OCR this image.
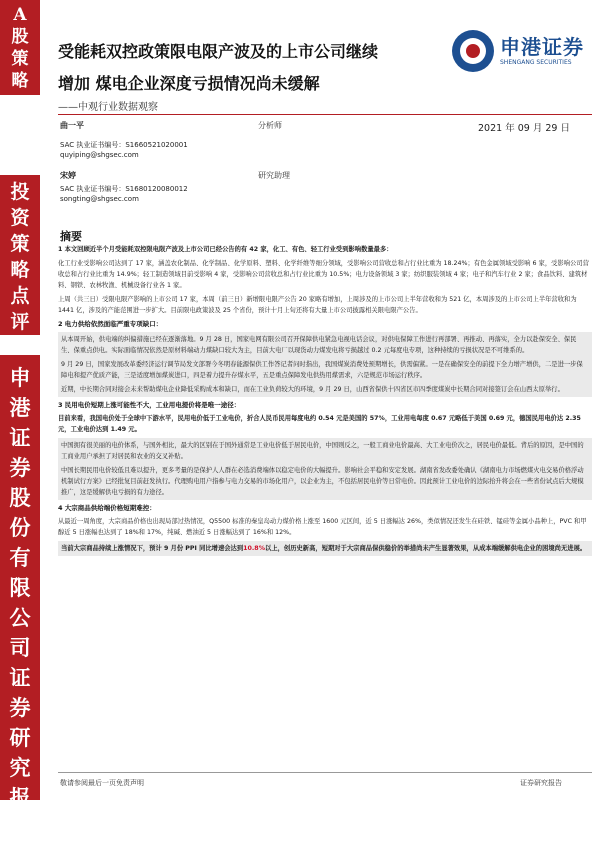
A
股
策
略
投
资
策
略
点
评
申
港
证
券
股
份
有
限
公
司
证
券
研
究
报
告
受能耗双控政策限电限产波及的上市公司继续
增加 煤电企业深度亏损情况尚未缓解
——中观行业数据观察
申港证券
SHENGANG SECURITIES
曲一平
SAC 执业证书编号：S1660521020001
quyiping@shgsec.com
分析师	2021 年 09 月 29 日
宋婷
SAC 执业证书编号：S1680120080012
songting@shgsec.com
研究助理
摘要
1 本文回顾近半个月受能耗双控限电限产波及上市公司已经公告的有 42 家，化工、有色、轻工行业受到影响数量最多：
化工行业受影响公司达到了 17 家，涵盖农化制品、化学制品、化学原料、塑料、化学纤维等细分领域，受影响公司营收总和占行业比重为 18.24%；有色金属领域受影响 6 家，受影响公司营收总和占行业比重为 14.9%；轻工制造领域目前受影响 4 家，受影响公司营收总和占行业比重为 10.5%；电力设备领域 3 家；纺织服装领域 4 家；电子和汽车行业 2 家；食品饮料、建筑材料、钢铁、农林牧渔、机械设备行业各 1 家。
上周（共三日）受限电限产影响的上市公司 17 家，本周（前三日）新增限电限产公告 20 家略有增加，上周涉及的上市公司上半年营收和为 521 亿，本周涉及的上市公司上半年营收和为 1441 亿，涉及的产能范围进一步扩大。目前限电政策波及 25 个省份，预计十月上旬还将有大量上市公司披露相关限电限产公告。
2 电力供给依然面临严重专项缺口：
从本周开始，供电端的纠偏措施已经在逐渐落地。9 月 28 日，国家电网有限公司召开保障供电紧急电视电话会议，对供电保障工作进行再部署、再推动、再落实，全力以赴保安全、保民生、保重点供电。实际面临情况依然是原材料端动力煤缺口较大为主，目前大电厂以现货动力煤发电将亏损越过 0.2 元每度电专项，这种持续的亏损状况是不可维系的。
9 月 29 日，国家发展改革委经济运行调节局发文部署今冬明春能源保供工作答记者问时指出，我国煤炭消费处预期增长，供需偏紧。一是在确保安全的前提下全力增产增供，二是进一步保障电和提产优质产能，三是适度增加煤炭进口，四是着力提升存煤水平，五是重点保障发电供热用煤需求，六是规范市场运行秩序。
近期，中长期合同对接会未来帮助煤电企业降低采购成本和缺口，而在工业负荷较大的环境，9 月 29 日，山西省保供十四省区市四季度煤炭中长期合同对接签订会在山西太原举行。
3 民用电价短期上涨可能性不大，工业用电提价将是唯一途径：
目前来看，我国电价处于全球中下游水平，民用电价低于工业电价，折合人民币民用每度电约 0.54 元是美国的 57%，工业用电每度 0.67 元略低于美国 0.69 元，德国民用电价达 2.35 元，工业电价达到 1.49 元。
中国拥有很美丽的电价体系，与国外相比，最大的区别在于国外通常是工业电价低于居民电价，中国则反之，一般工商业电价最高、大工业电价次之，居民电价最低。背后的原因，是中国的工商业用户承担了对居民和农业的交叉补贴。
中国长期民用电价较低且难以提升，更多考量的是保护人人群在必选消费端体以稳定电价的大幅提升。影响社会平稳和安定发展。湖南省发改委处确认《湖南电力市场燃煤火电交易价格浮动机制试行方案》已经批复目前赶发执行。代理购电用户指参与电力交易的市场化用户，以企业为主，不包括居民电价等日常电价。因此预计工业电价的边际抬升将会在一些省份试点后大规模推广，这是缓解供电亏损的有力途径。
4 大宗商品供给端价格短期难控：
从最近一周角度，大宗商品价格也出现局部过热情况，Q5500 标准的秦皇岛动力煤价格上涨至 1600 元区间，近 5 日涨幅达 26%，类似情况还发生在硅铁、锰硅等金属小品种上，PVC 和甲醇近 5 日涨幅也达到了 18%和 17%，纯碱、燃油近 5 日涨幅达到了 16%和 12%。
当前大宗商品持续上涨情况下，预计 9 月份 PPI 同比增速会达到10.8%以上，创历史新高，短期对于大宗商品保供稳价的举措尚未产生显著效果，从成本端缓解供电企业的困境尚无进展。
敬请参阅最后一页免责声明	证券研究报告
